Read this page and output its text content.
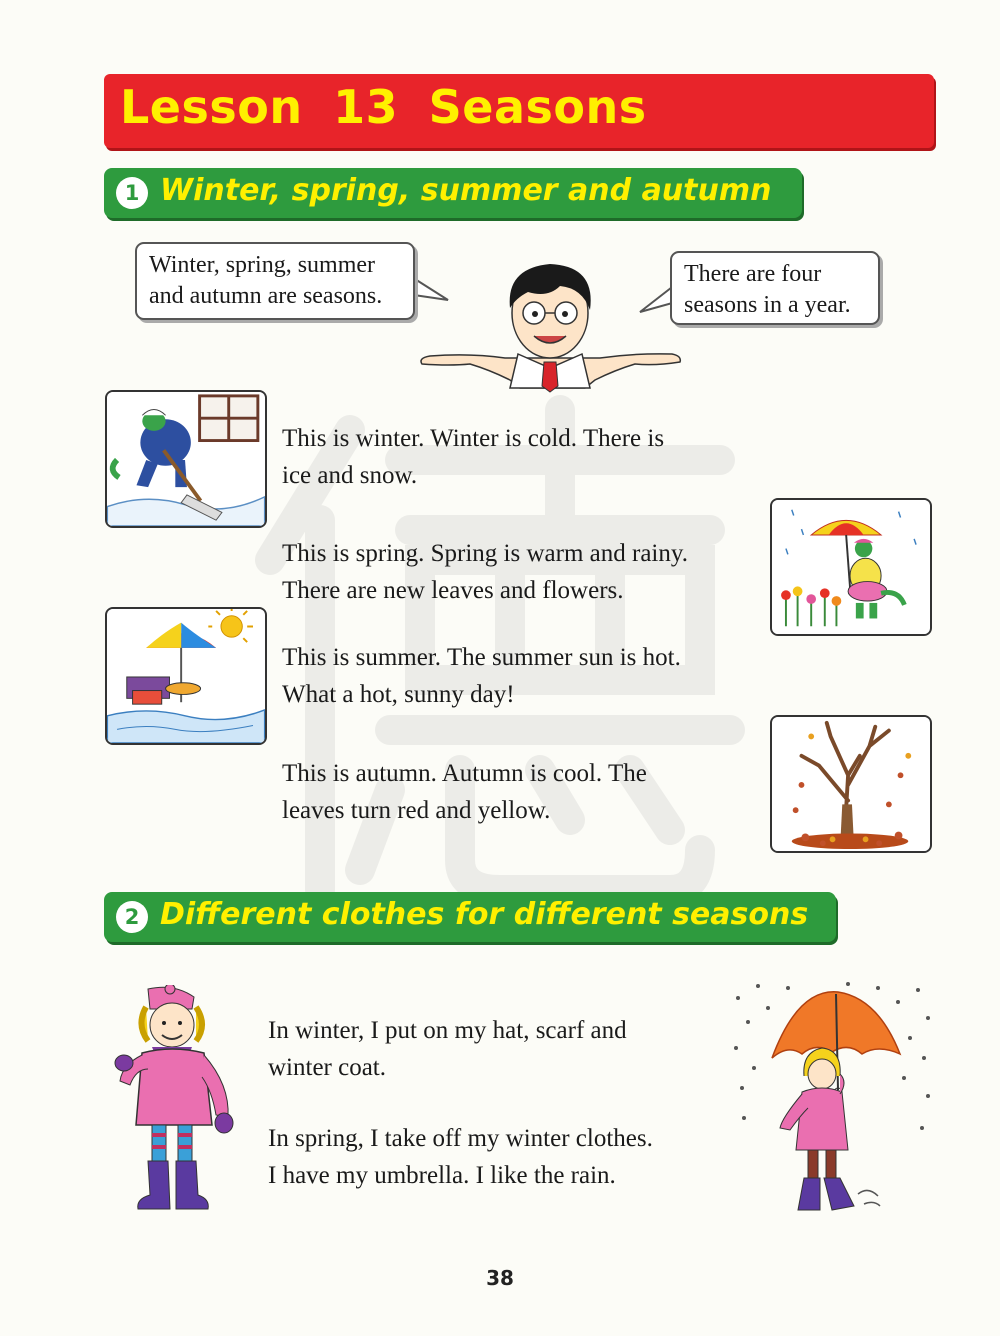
Lesson 13 Seasons
1 Winter, spring, summer and autumn
Winter, spring, summer
and autumn are seasons.
There are four
seasons in a year.
This is winter. Winter is cold. There is
ice and snow.
This is spring. Spring is warm and rainy.
There are new leaves and flowers.
This is summer. The summer sun is hot.
What a hot, sunny day!
This is autumn. Autumn is cool. The
leaves turn red and yellow.
2 Different clothes for different seasons
In winter, I put on my hat, scarf and
winter coat.
In spring, I take off my winter clothes.
I have my umbrella. I like the rain.
38
